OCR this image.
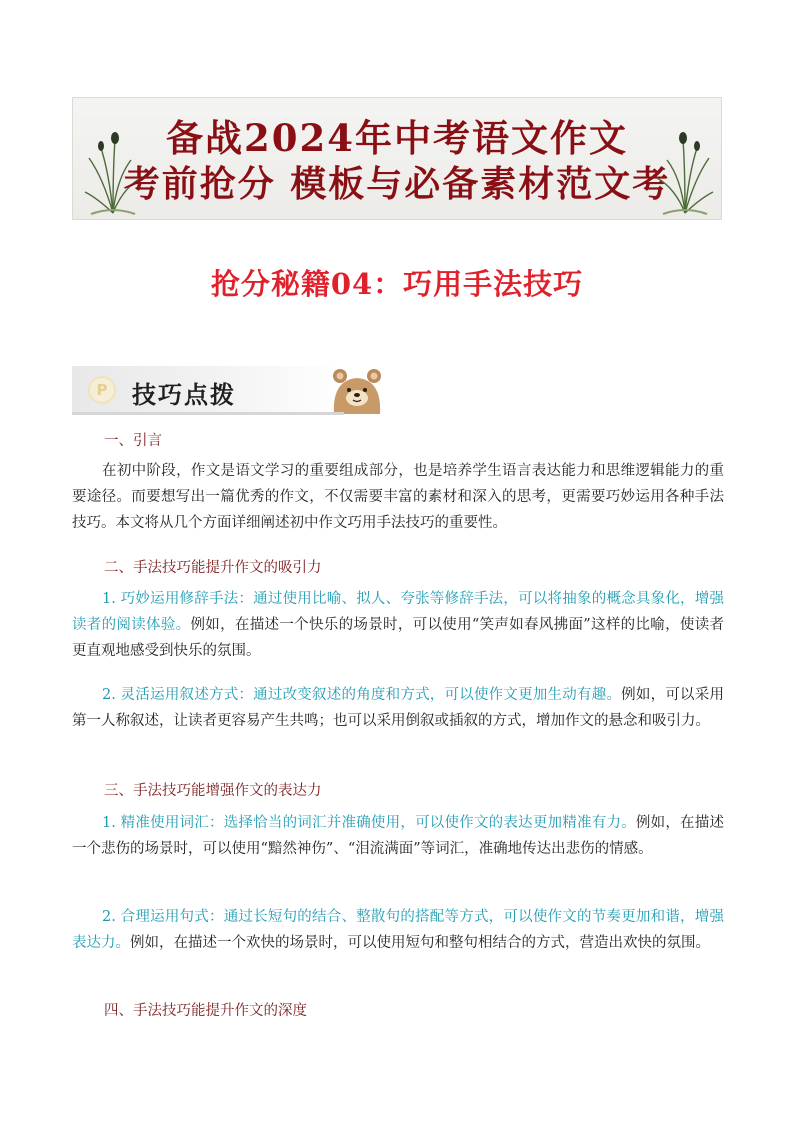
备战2024年中考语文作文
考前抢分 模板与必备素材范文考
抢分秘籍04：巧用手法技巧
P	技巧点拨

一、引言

在初中阶段，作文是语文学习的重要组成部分，也是培养学生语言表达能力和思维逻辑能力的重要途径。而要想写出一篇优秀的作文，不仅需要丰富的素材和深入的思考，更需要巧妙运用各种手法技巧。本文将从几个方面详细阐述初中作文巧用手法技巧的重要性。

二、手法技巧能提升作文的吸引力

1. 巧妙运用修辞手法：通过使用比喻、拟人、夸张等修辞手法，可以将抽象的概念具象化，增强读者的阅读体验。例如，在描述一个快乐的场景时，可以使用“笑声如春风拂面”这样的比喻，使读者更直观地感受到快乐的氛围。

2. 灵活运用叙述方式：通过改变叙述的角度和方式，可以使作文更加生动有趣。例如，可以采用第一人称叙述，让读者更容易产生共鸣；也可以采用倒叙或插叙的方式，增加作文的悬念和吸引力。

三、手法技巧能增强作文的表达力

1. 精准使用词汇：选择恰当的词汇并准确使用，可以使作文的表达更加精准有力。例如，在描述一个悲伤的场景时，可以使用“黯然神伤”、“泪流满面”等词汇，准确地传达出悲伤的情感。

2. 合理运用句式：通过长短句的结合、整散句的搭配等方式，可以使作文的节奏更加和谐，增强表达力。例如，在描述一个欢快的场景时，可以使用短句和整句相结合的方式，营造出欢快的氛围。

四、手法技巧能提升作文的深度
